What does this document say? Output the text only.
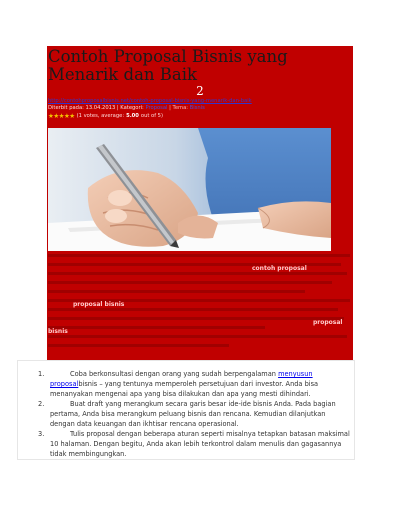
Contoh Proposal Bisnis yang Menarik dan Baik
2
http://contohproposalbisnis.net/contoh-proposal-bisnis-yang-menarik-dan-baik
Diterbit pada: 13.04.2013 | Kategori: Proposal | Tema: Bisnis
★★★★★ (1 votes, average: 5.00 out of 5)
contoh proposal
proposal bisnis
proposal
bisnis
1.	Coba berkonsultasi dengan orang yang sudah berpengalaman menyusun proposalbisnis – yang tentunya memperoleh persetujuan dari investor. Anda bisa menanyakan mengenai apa yang bisa dilakukan dan apa yang mesti dihindari.
2.	Buat draft yang merangkum secara garis besar ide-ide bisnis Anda. Pada bagian pertama, Anda bisa merangkum peluang bisnis dan rencana. Kemudian dilanjutkan dengan data keuangan dan ikhtisar rencana operasional.
3.	Tulis proposal dengan beberapa aturan seperti misalnya tetapkan batasan maksimal 10 halaman. Dengan begitu, Anda akan lebih terkontrol dalam menulis dan gagasannya tidak membingungkan.
